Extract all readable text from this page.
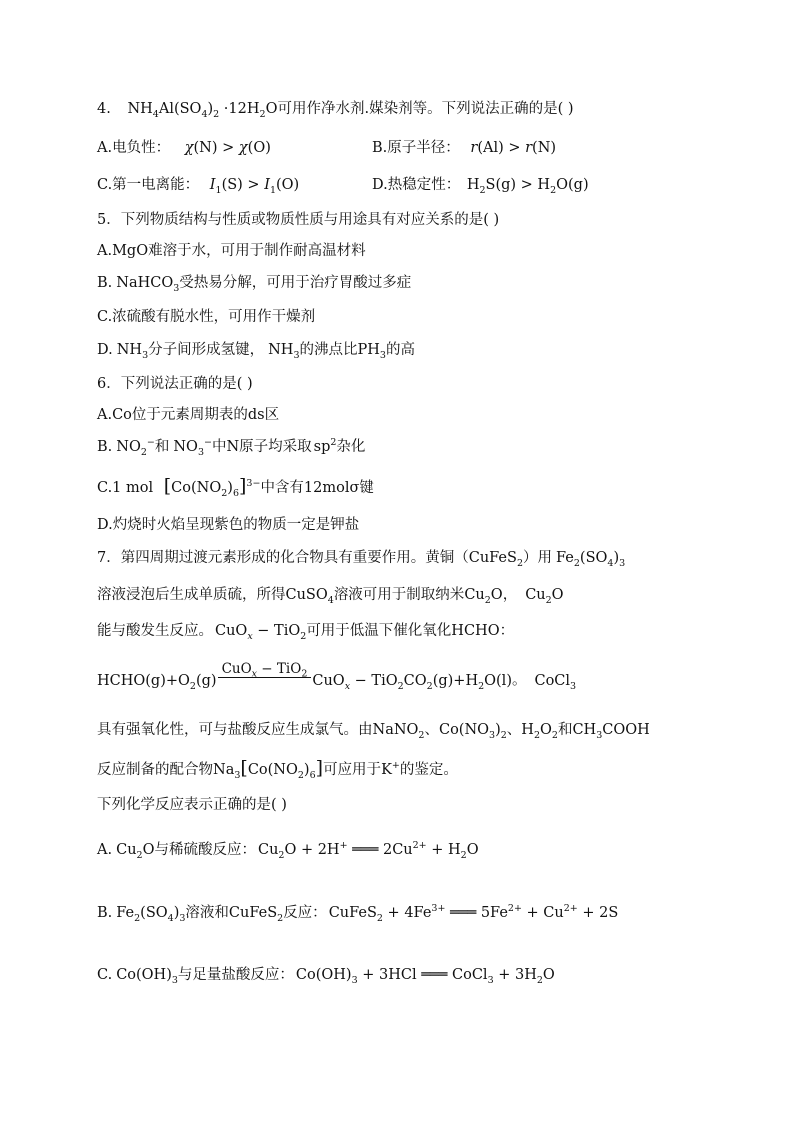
4. $NH_4Al(SO_4)_2 \cdot 12H_2O$可用作净水剂.媒染剂等。下列说法正确的是( )
A.电负性： χ(N) > χ(O)	B.原子半径： r(Al) > r(N)
C.第一电离能： $I_1(S) > I_1(O)$	D.热稳定性： $H_2S(g) > H_2O(g)$
5．下列物质结构与性质或物质性质与用途具有对应关系的是( )
A.MgO难溶于水，可用于制作耐高温材料
B. NaHCO$_3$受热易分解，可用于治疗胃酸过多症
C.浓硫酸有脱水性，可用作干燥剂
D. $NH_3$分子间形成氢键， $NH_3$的沸点比$PH_3$的高
6．下列说法正确的是( )
A.Co位于元素周期表的ds区
B. $NO_2^-$和 $NO_3^-$中N原子均采取 $sp^2$杂化
C.1 mol $[Co(NO_2)_6]^{3-}$中含有12molσ键
D.灼烧时火焰呈现紫色的物质一定是钾盐
7．第四周期过渡元素形成的化合物具有重要作用。黄铜（CuFeS$_2$）用 $Fe_2(SO_4)_3$
溶液浸泡后生成单质硫，所得CuSO$_4$溶液可用于制取纳米$Cu_2O$， $Cu_2O$
能与酸发生反应。 CuO$_x$ − TiO$_2$可用于低温下催化氧化HCHO：
$HCHO(g)+O_2(g)$
CuO$_x$ − TiO$_2$ $CuO_x - TiO_2CO_2(g)+H_2O(l)$。 CoCl$_3$
具有强氧化性，可与盐酸反应生成氯气。由NaNO$_2$、$Co(NO_3)_2$、$H_2O_2$和$CH_3COOH$
反应制备的配合物$Na_3[Co(NO_2)_6]$可应用于K+的鉴定。
下列化学反应表示正确的是( )
A. $Cu_2O$与稀硫酸反应： $Cu_2O + 2H^+$ ═══ $2Cu^{2+} + H_2O$
B. $Fe_2(SO_4)_3$溶液和CuFeS$_2$反应： CuFeS$_2$ + $4Fe^{3+}$ ═══ $5Fe^{2+} + Cu^{2+} + 2S$
C. $Co(OH)_3$与足量盐酸反应： $Co(OH)_3 + 3HCl$ ═══ CoCl$_3$ + $3H_2O$
